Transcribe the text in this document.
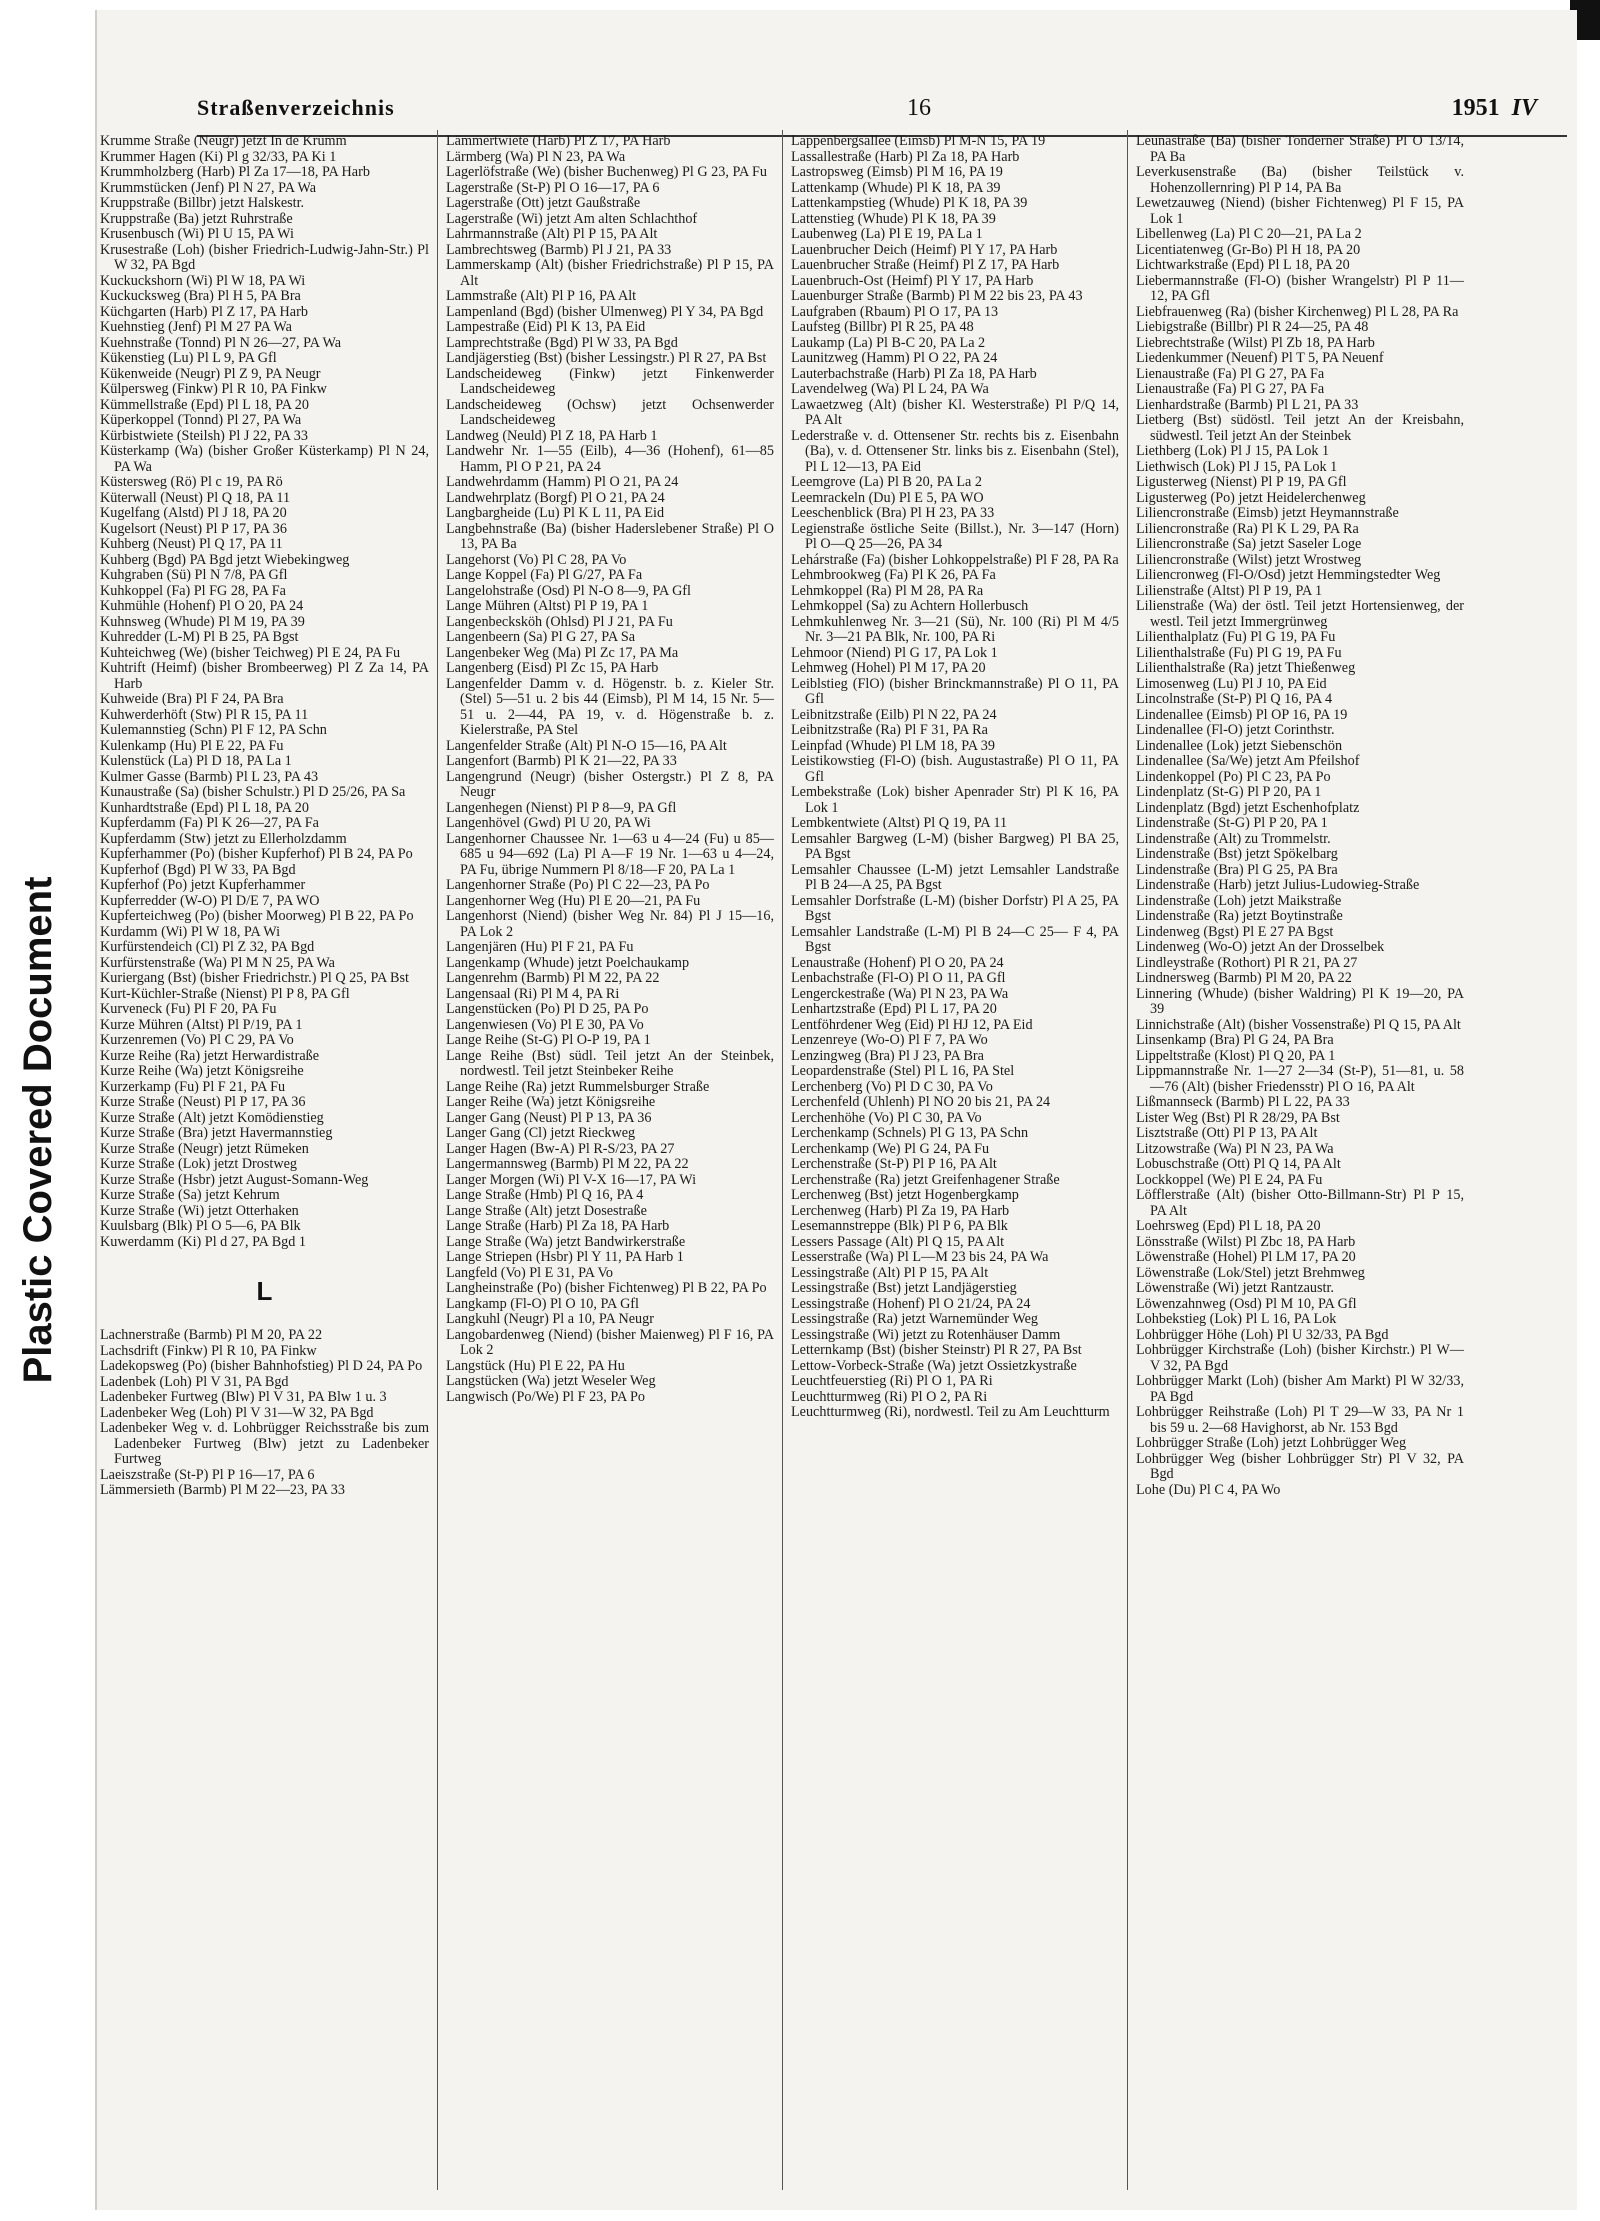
Plastic Covered Document
Straßenverzeichnis	16	1951 IV

Krumme Straße (Neugr) jetzt In de Krümm

Krummer Hagen (Ki) Pl g 32/33, PA Ki 1

Krummholzberg (Harb) Pl Za 17—18, PA Harb

Krummstücken (Jenf) Pl N 27, PA Wa

Kruppstraße (Billbr) jetzt Halskestr.

Kruppstraße (Ba) jetzt Ruhrstraße

Krusenbusch (Wi) Pl U 15, PA Wi

Krusestraße (Loh) (bisher Friedrich-Ludwig-Jahn-Str.) Pl W 32, PA Bgd

Kuckuckshorn (Wi) Pl W 18, PA Wi

Kuckucksweg (Bra) Pl H 5, PA Bra

Küchgarten (Harb) Pl Z 17, PA Harb

Kuehnstieg (Jenf) Pl M 27 PA Wa

Kuehnstraße (Tonnd) Pl N 26—27, PA Wa

Kükenstieg (Lu) Pl L 9, PA Gfl

Kükenweide (Neugr) Pl Z 9, PA Neugr

Külpersweg (Finkw) Pl R 10, PA Finkw

Kümmellstraße (Epd) Pl L 18, PA 20

Küperkoppel (Tonnd) Pl 27, PA Wa

Kürbistwiete (Steilsh) Pl J 22, PA 33

Küsterkamp (Wa) (bisher Großer Küsterkamp) Pl N 24, PA Wa

Küstersweg (Rö) Pl c 19, PA Rö

Küterwall (Neust) Pl Q 18, PA 11

Kugelfang (Alstd) Pl J 18, PA 20

Kugelsort (Neust) Pl P 17, PA 36

Kuhberg (Neust) Pl Q 17, PA 11

Kuhberg (Bgd) PA Bgd jetzt Wiebekingweg

Kuhgraben (Sü) Pl N 7/8, PA Gfl

Kuhkoppel (Fa) Pl FG 28, PA Fa

Kuhmühle (Hohenf) Pl O 20, PA 24

Kuhnsweg (Whude) Pl M 19, PA 39

Kuhredder (L-M) Pl B 25, PA Bgst

Kuhteichweg (We) (bisher Teichweg) Pl E 24, PA Fu

Kuhtrift (Heimf) (bisher Brombeerweg) Pl Z Za 14, PA Harb

Kuhweide (Bra) Pl F 24, PA Bra

Kuhwerderhöft (Stw) Pl R 15, PA 11

Kulemannstieg (Schn) Pl F 12, PA Schn

Kulenkamp (Hu) Pl E 22, PA Fu

Kulenstück (La) Pl D 18, PA La 1

Kulmer Gasse (Barmb) Pl L 23, PA 43

Kunaustraße (Sa) (bisher Schulstr.) Pl D 25/26, PA Sa

Kunhardtstraße (Epd) Pl L 18, PA 20

Kupferdamm (Fa) Pl K 26—27, PA Fa

Kupferdamm (Stw) jetzt zu Ellerholzdamm

Kupferhammer (Po) (bisher Kupferhof) Pl B 24, PA Po

Kupferhof (Bgd) Pl W 33, PA Bgd

Kupferhof (Po) jetzt Kupferhammer

Kupferredder (W-O) Pl D/E 7, PA WO

Kupferteichweg (Po) (bisher Moorweg) Pl B 22, PA Po

Kurdamm (Wi) Pl W 18, PA Wi

Kurfürstendeich (Cl) Pl Z 32, PA Bgd

Kurfürstenstraße (Wa) Pl M N 25, PA Wa

Kuriergang (Bst) (bisher Friedrichstr.) Pl Q 25, PA Bst

Kurt-Küchler-Straße (Nienst) Pl P 8, PA Gfl

Kurveneck (Fu) Pl F 20, PA Fu

Kurze Mühren (Altst) Pl P/19, PA 1

Kurzenremen (Vo) Pl C 29, PA Vo

Kurze Reihe (Ra) jetzt Herwardistraße

Kurze Reihe (Wa) jetzt Königsreihe

Kurzerkamp (Fu) Pl F 21, PA Fu

Kurze Straße (Neust) Pl P 17, PA 36

Kurze Straße (Alt) jetzt Komödienstieg

Kurze Straße (Bra) jetzt Havermannstieg

Kurze Straße (Neugr) jetzt Rümeken

Kurze Straße (Lok) jetzt Drostweg

Kurze Straße (Hsbr) jetzt August-Somann-Weg

Kurze Straße (Sa) jetzt Kehrum

Kurze Straße (Wi) jetzt Otterhaken

Kuulsbarg (Blk) Pl O 5—6, PA Blk

Kuwerdamm (Ki) Pl d 27, PA Bgd 1

L

Lachnerstraße (Barmb) Pl M 20, PA 22

Lachsdrift (Finkw) Pl R 10, PA Finkw

Ladekopsweg (Po) (bisher Bahnhofstieg) Pl D 24, PA Po

Ladenbek (Loh) Pl V 31, PA Bgd

Ladenbeker Furtweg (Blw) Pl V 31, PA Blw 1 u. 3

Ladenbeker Weg (Loh) Pl V 31—W 32, PA Bgd

Ladenbeker Weg v. d. Lohbrügger Reichsstraße bis zum Ladenbeker Furtweg (Blw) jetzt zu Ladenbeker Furtweg

Laeiszstraße (St-P) Pl P 16—17, PA 6

Lämmersieth (Barmb) Pl M 22—23, PA 33

Lämmertwiete (Harb) Pl Z 17, PA Harb

Lärmberg (Wa) Pl N 23, PA Wa

Lagerlöfstraße (We) (bisher Buchenweg) Pl G 23, PA Fu

Lagerstraße (St-P) Pl O 16—17, PA 6

Lagerstraße (Ott) jetzt Gaußstraße

Lagerstraße (Wi) jetzt Am alten Schlachthof

Lahrmannstraße (Alt) Pl P 15, PA Alt

Lambrechtsweg (Barmb) Pl J 21, PA 33

Lammerskamp (Alt) (bisher Friedrichstraße) Pl P 15, PA Alt

Lammstraße (Alt) Pl P 16, PA Alt

Lampenland (Bgd) (bisher Ulmenweg) Pl Y 34, PA Bgd

Lampestraße (Eid) Pl K 13, PA Eid

Lamprechtstraße (Bgd) Pl W 33, PA Bgd

Landjägerstieg (Bst) (bisher Lessingstr.) Pl R 27, PA Bst

Landscheideweg (Finkw) jetzt Finkenwerder Landscheideweg

Landscheideweg (Ochsw) jetzt Ochsenwerder Landscheideweg

Landweg (Neuld) Pl Z 18, PA Harb 1

Landwehr Nr. 1—55 (Eilb), 4—36 (Hohenf), 61—85 Hamm, Pl O P 21, PA 24

Landwehrdamm (Hamm) Pl O 21, PA 24

Landwehrplatz (Borgf) Pl O 21, PA 24

Langbargheide (Lu) Pl K L 11, PA Eid

Langbehnstraße (Ba) (bisher Haderslebener Straße) Pl O 13, PA Ba

Langehorst (Vo) Pl C 28, PA Vo

Lange Koppel (Fa) Pl G/27, PA Fa

Langelohstraße (Osd) Pl N-O 8—9, PA Gfl

Lange Mühren (Altst) Pl P 19, PA 1

Langenbecksköh (Ohlsd) Pl J 21, PA Fu

Langenbeern (Sa) Pl G 27, PA Sa

Langenbeker Weg (Ma) Pl Zc 17, PA Ma

Langenberg (Eisd) Pl Zc 15, PA Harb

Langenfelder Damm v. d. Högenstr. b. z. Kieler Str. (Stel) 5—51 u. 2 bis 44 (Eimsb), Pl M 14, 15 Nr. 5—51 u. 2—44, PA 19, v. d. Högenstraße b. z. Kielerstraße, PA Stel

Langenfelder Straße (Alt) Pl N-O 15—16, PA Alt

Langenfort (Barmb) Pl K 21—22, PA 33

Langengrund (Neugr) (bisher Ostergstr.) Pl Z 8, PA Neugr

Langenhegen (Nienst) Pl P 8—9, PA Gfl

Langenhövel (Gwd) Pl U 20, PA Wi

Langenhorner Chaussee Nr. 1—63 u 4—24 (Fu) u 85—685 u 94—692 (La) Pl A—F 19 Nr. 1—63 u 4—24, PA Fu, übrige Nummern Pl 8/18—F 20, PA La 1

Langenhorner Straße (Po) Pl C 22—23, PA Po

Langenhorner Weg (Hu) Pl E 20—21, PA Fu

Langenhorst (Niend) (bisher Weg Nr. 84) Pl J 15—16, PA Lok 2

Langenjären (Hu) Pl F 21, PA Fu

Langenkamp (Whude) jetzt Poelchaukamp

Langenrehm (Barmb) Pl M 22, PA 22

Langensaal (Ri) Pl M 4, PA Ri

Langenstücken (Po) Pl D 25, PA Po

Langenwiesen (Vo) Pl E 30, PA Vo

Lange Reihe (St-G) Pl O-P 19, PA 1

Lange Reihe (Bst) südl. Teil jetzt An der Steinbek, nordwestl. Teil jetzt Steinbeker Reihe

Lange Reihe (Ra) jetzt Rummelsburger Straße

Langer Reihe (Wa) jetzt Königsreihe

Langer Gang (Neust) Pl P 13, PA 36

Langer Gang (Cl) jetzt Rieckweg

Langer Hagen (Bw-A) Pl R-S/23, PA 27

Langermannsweg (Barmb) Pl M 22, PA 22

Langer Morgen (Wi) Pl V-X 16—17, PA Wi

Lange Straße (Hmb) Pl Q 16, PA 4

Lange Straße (Alt) jetzt Dosestraße

Lange Straße (Harb) Pl Za 18, PA Harb

Lange Straße (Wa) jetzt Bandwirkerstraße

Lange Striepen (Hsbr) Pl Y 11, PA Harb 1

Langfeld (Vo) Pl E 31, PA Vo

Langheinstraße (Po) (bisher Fichtenweg) Pl B 22, PA Po

Langkamp (Fl-O) Pl O 10, PA Gfl

Langkuhl (Neugr) Pl a 10, PA Neugr

Langobardenweg (Niend) (bisher Maienweg) Pl F 16, PA Lok 2

Langstück (Hu) Pl E 22, PA Hu

Langstücken (Wa) jetzt Weseler Weg

Langwisch (Po/We) Pl F 23, PA Po

Lappenbergsallee (Eimsb) Pl M-N 15, PA 19

Lassallestraße (Harb) Pl Za 18, PA Harb

Lastropsweg (Eimsb) Pl M 16, PA 19

Lattenkamp (Whude) Pl K 18, PA 39

Lattenkampstieg (Whude) Pl K 18, PA 39

Lattenstieg (Whude) Pl K 18, PA 39

Laubenweg (La) Pl E 19, PA La 1

Lauenbrucher Deich (Heimf) Pl Y 17, PA Harb

Lauenbrucher Straße (Heimf) Pl Z 17, PA Harb

Lauenbruch-Ost (Heimf) Pl Y 17, PA Harb

Lauenburger Straße (Barmb) Pl M 22 bis 23, PA 43

Laufgraben (Rbaum) Pl O 17, PA 13

Laufsteg (Billbr) Pl R 25, PA 48

Laukamp (La) Pl B-C 20, PA La 2

Launitzweg (Hamm) Pl O 22, PA 24

Lauterbachstraße (Harb) Pl Za 18, PA Harb

Lavendelweg (Wa) Pl L 24, PA Wa

Lawaetzweg (Alt) (bisher Kl. Westerstraße) Pl P/Q 14, PA Alt

Lederstraße v. d. Ottensener Str. rechts bis z. Eisenbahn (Ba), v. d. Ottensener Str. links bis z. Eisenbahn (Stel), Pl L 12—13, PA Eid

Leemgrove (La) Pl B 20, PA La 2

Leemrackeln (Du) Pl E 5, PA WO

Leeschenblick (Bra) Pl H 23, PA 33

Legienstraße östliche Seite (Billst.), Nr. 3—147 (Horn) Pl O—Q 25—26, PA 34

Lehárstraße (Fa) (bisher Lohkoppelstraße) Pl F 28, PA Ra

Lehmbrookweg (Fa) Pl K 26, PA Fa

Lehmkoppel (Ra) Pl M 28, PA Ra

Lehmkoppel (Sa) zu Achtern Hollerbusch

Lehmkuhlenweg Nr. 3—21 (Sü), Nr. 100 (Ri) Pl M 4/5 Nr. 3—21 PA Blk, Nr. 100, PA Ri

Lehmoor (Niend) Pl G 17, PA Lok 1

Lehmweg (Hohel) Pl M 17, PA 20

Leiblstieg (FlO) (bisher Brinckmannstraße) Pl O 11, PA Gfl

Leibnitzstraße (Eilb) Pl N 22, PA 24

Leibnitzstraße (Ra) Pl F 31, PA Ra

Leinpfad (Whude) Pl LM 18, PA 39

Leistikowstieg (Fl-O) (bish. Augustastraße) Pl O 11, PA Gfl

Lembekstraße (Lok) bisher Apenrader Str) Pl K 16, PA Lok 1

Lembkentwiete (Altst) Pl Q 19, PA 11

Lemsahler Bargweg (L-M) (bisher Bargweg) Pl BA 25, PA Bgst

Lemsahler Chaussee (L-M) jetzt Lemsahler Landstraße Pl B 24—A 25, PA Bgst

Lemsahler Dorfstraße (L-M) (bisher Dorfstr) Pl A 25, PA Bgst

Lemsahler Landstraße (L-M) Pl B 24—C 25— F 4, PA Bgst

Lenaustraße (Hohenf) Pl O 20, PA 24

Lenbachstraße (Fl-O) Pl O 11, PA Gfl

Lengerckestraße (Wa) Pl N 23, PA Wa

Lenhartzstraße (Epd) Pl L 17, PA 20

Lentföhrdener Weg (Eid) Pl HJ 12, PA Eid

Lenzenreye (Wo-O) Pl F 7, PA Wo

Lenzingweg (Bra) Pl J 23, PA Bra

Leopardenstraße (Stel) Pl L 16, PA Stel

Lerchenberg (Vo) Pl D C 30, PA Vo

Lerchenfeld (Uhlenh) Pl NO 20 bis 21, PA 24

Lerchenhöhe (Vo) Pl C 30, PA Vo

Lerchenkamp (Schnels) Pl G 13, PA Schn

Lerchenkamp (We) Pl G 24, PA Fu

Lerchenstraße (St-P) Pl P 16, PA Alt

Lerchenstraße (Ra) jetzt Greifenhagener Straße

Lerchenweg (Bst) jetzt Hogenbergkamp

Lerchenweg (Harb) Pl Za 19, PA Harb

Lesemannstreppe (Blk) Pl P 6, PA Blk

Lessers Passage (Alt) Pl Q 15, PA Alt

Lesserstraße (Wa) Pl L—M 23 bis 24, PA Wa

Lessingstraße (Alt) Pl P 15, PA Alt

Lessingstraße (Bst) jetzt Landjägerstieg

Lessingstraße (Hohenf) Pl O 21/24, PA 24

Lessingstraße (Ra) jetzt Warnemünder Weg

Lessingstraße (Wi) jetzt zu Rotenhäuser Damm

Letternkamp (Bst) (bisher Steinstr) Pl R 27, PA Bst

Lettow-Vorbeck-Straße (Wa) jetzt Ossietzkystraße

Leuchtfeuerstieg (Ri) Pl O 1, PA Ri

Leuchtturmweg (Ri) Pl O 2, PA Ri

Leuchtturmweg (Ri), nordwestl. Teil zu Am Leuchtturm

Leunastraße (Ba) (bisher Tonderner Straße) Pl O 13/14, PA Ba

Leverkusenstraße (Ba) (bisher Teilstück v. Hohenzollernring) Pl P 14, PA Ba

Lewetzauweg (Niend) (bisher Fichtenweg) Pl F 15, PA Lok 1

Libellenweg (La) Pl C 20—21, PA La 2

Licentiatenweg (Gr-Bo) Pl H 18, PA 20

Lichtwarkstraße (Epd) Pl L 18, PA 20

Liebermannstraße (Fl-O) (bisher Wrangelstr) Pl P 11—12, PA Gfl

Liebfrauenweg (Ra) (bisher Kirchenweg) Pl L 28, PA Ra

Liebigstraße (Billbr) Pl R 24—25, PA 48

Liebrechtstraße (Wilst) Pl Zb 18, PA Harb

Liedenkummer (Neuenf) Pl T 5, PA Neuenf

Lienaustraße (Fa) Pl G 27, PA Fa

Lienaustraße (Fa) Pl G 27, PA Fa

Lienhardstraße (Barmb) Pl L 21, PA 33

Lietberg (Bst) südöstl. Teil jetzt An der Kreisbahn, südwestl. Teil jetzt An der Steinbek

Liethberg (Lok) Pl J 15, PA Lok 1

Liethwisch (Lok) Pl J 15, PA Lok 1

Ligusterweg (Nienst) Pl P 19, PA Gfl

Ligusterweg (Po) jetzt Heidelerchenweg

Liliencronstraße (Eimsb) jetzt Heymannstraße

Liliencronstraße (Ra) Pl K L 29, PA Ra

Liliencronstraße (Sa) jetzt Saseler Loge

Liliencronstraße (Wilst) jetzt Wrostweg

Liliencronweg (Fl-O/Osd) jetzt Hemmingstedter Weg

Lilienstraße (Altst) Pl P 19, PA 1

Lilienstraße (Wa) der östl. Teil jetzt Hortensienweg, der westl. Teil jetzt Immergrünweg

Lilienthalplatz (Fu) Pl G 19, PA Fu

Lilienthalstraße (Fu) Pl G 19, PA Fu

Lilienthalstraße (Ra) jetzt Thießenweg

Limosenweg (Lu) Pl J 10, PA Eid

Lincolnstraße (St-P) Pl Q 16, PA 4

Lindenallee (Eimsb) Pl OP 16, PA 19

Lindenallee (Fl-O) jetzt Corinthstr.

Lindenallee (Lok) jetzt Siebenschön

Lindenallee (Sa/We) jetzt Am Pfeilshof

Lindenkoppel (Po) Pl C 23, PA Po

Lindenplatz (St-G) Pl P 20, PA 1

Lindenplatz (Bgd) jetzt Eschenhofplatz

Lindenstraße (St-G) Pl P 20, PA 1

Lindenstraße (Alt) zu Trommelstr.

Lindenstraße (Bst) jetzt Spökelbarg

Lindenstraße (Bra) Pl G 25, PA Bra

Lindenstraße (Harb) jetzt Julius-Ludowieg-Straße

Lindenstraße (Loh) jetzt Maikstraße

Lindenstraße (Ra) jetzt Boytinstraße

Lindenweg (Bgst) Pl E 27 PA Bgst

Lindenweg (Wo-O) jetzt An der Drosselbek

Lindleystraße (Rothort) Pl R 21, PA 27

Lindnersweg (Barmb) Pl M 20, PA 22

Linnering (Whude) (bisher Waldring) Pl K 19—20, PA 39

Linnichstraße (Alt) (bisher Vossenstraße) Pl Q 15, PA Alt

Linsenkamp (Bra) Pl G 24, PA Bra

Lippeltstraße (Klost) Pl Q 20, PA 1

Lippmannstraße Nr. 1—27 2—34 (St-P), 51—81, u. 58—76 (Alt) (bisher Friedensstr) Pl O 16, PA Alt

Lißmannseck (Barmb) Pl L 22, PA 33

Lister Weg (Bst) Pl R 28/29, PA Bst

Lisztstraße (Ott) Pl P 13, PA Alt

Litzowstraße (Wa) Pl N 23, PA Wa

Lobuschstraße (Ott) Pl Q 14, PA Alt

Lockkoppel (We) Pl E 24, PA Fu

Löfflerstraße (Alt) (bisher Otto-Billmann-Str) Pl P 15, PA Alt

Loehrsweg (Epd) Pl L 18, PA 20

Lönsstraße (Wilst) Pl Zbc 18, PA Harb

Löwenstraße (Hohel) Pl LM 17, PA 20

Löwenstraße (Lok/Stel) jetzt Brehmweg

Löwenstraße (Wi) jetzt Rantzaustr.

Löwenzahnweg (Osd) Pl M 10, PA Gfl

Lohbekstieg (Lok) Pl L 16, PA Lok

Lohbrügger Höhe (Loh) Pl U 32/33, PA Bgd

Lohbrügger Kirchstraße (Loh) (bisher Kirchstr.) Pl W—V 32, PA Bgd

Lohbrügger Markt (Loh) (bisher Am Markt) Pl W 32/33, PA Bgd

Lohbrügger Reihstraße (Loh) Pl T 29—W 33, PA Nr 1 bis 59 u. 2—68 Havighorst, ab Nr. 153 Bgd

Lohbrügger Straße (Loh) jetzt Lohbrügger Weg

Lohbrügger Weg (bisher Lohbrügger Str) Pl V 32, PA Bgd

Lohe (Du) Pl C 4, PA Wo
